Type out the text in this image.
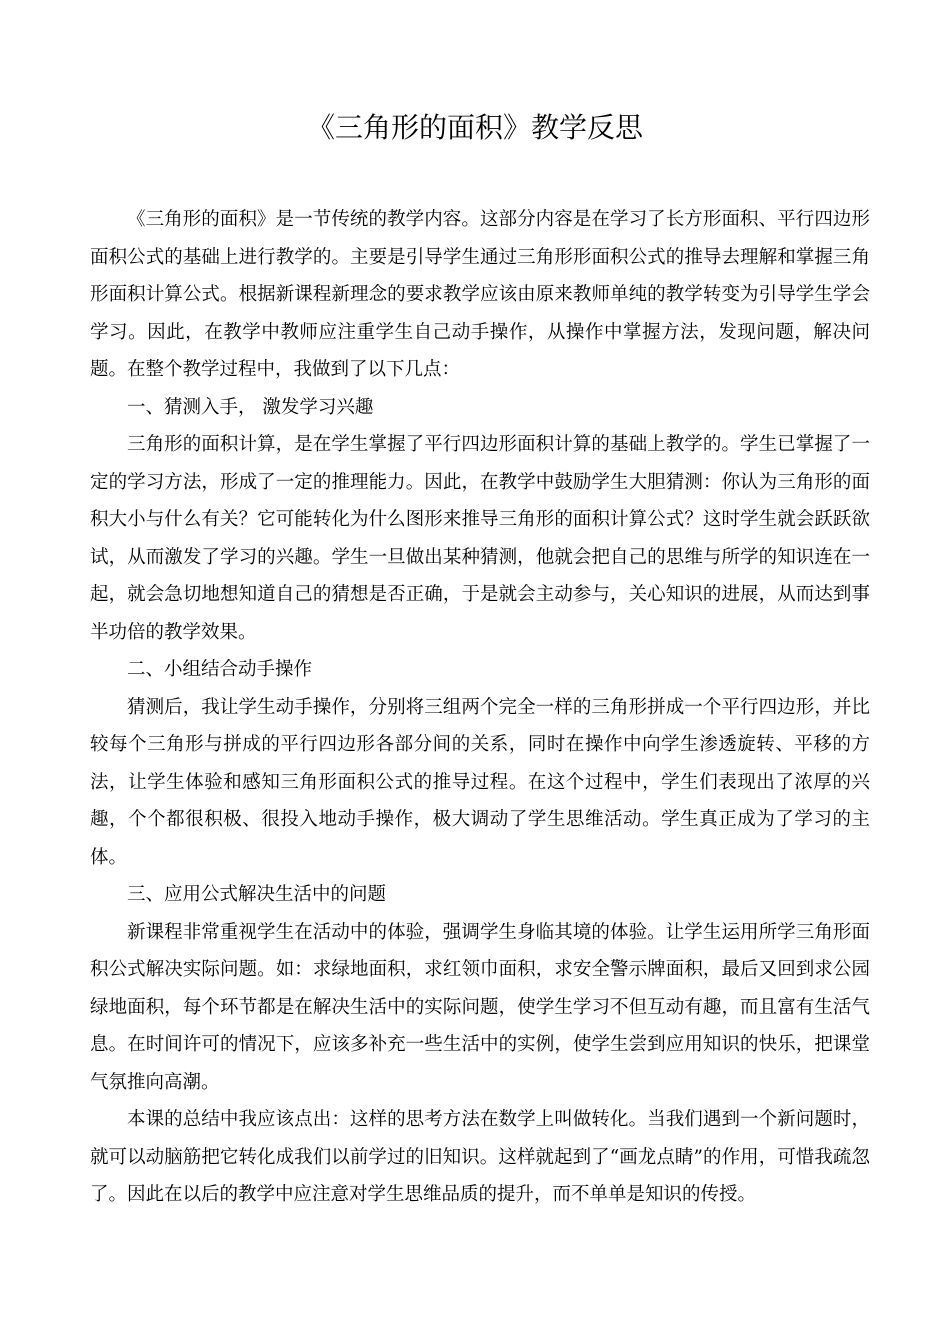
《三角形的面积》教学反思

《三角形的面积》是一节传统的教学内容。这部分内容是在学习了长方形面积、平行四边形面积公式的基础上进行教学的。主要是引导学生通过三角形形面积公式的推导去理解和掌握三角形面积计算公式。根据新课程新理念的要求教学应该由原来教师单纯的教学转变为引导学生学会学习。因此，在教学中教师应注重学生自己动手操作，从操作中掌握方法，发现问题，解决问题。在整个教学过程中，我做到了以下几点：

一、猜测入手， 激发学习兴趣

三角形的面积计算，是在学生掌握了平行四边形面积计算的基础上教学的。学生已掌握了一定的学习方法，形成了一定的推理能力。因此，在教学中鼓励学生大胆猜测：你认为三角形的面积大小与什么有关？它可能转化为什么图形来推导三角形的面积计算公式？这时学生就会跃跃欲试，从而激发了学习的兴趣。学生一旦做出某种猜测，他就会把自己的思维与所学的知识连在一起，就会急切地想知道自己的猜想是否正确，于是就会主动参与，关心知识的进展，从而达到事半功倍的教学效果。

二、小组结合动手操作

猜测后，我让学生动手操作，分别将三组两个完全一样的三角形拼成一个平行四边形，并比较每个三角形与拼成的平行四边形各部分间的关系，同时在操作中向学生渗透旋转、平移的方法，让学生体验和感知三角形面积公式的推导过程。在这个过程中，学生们表现出了浓厚的兴趣，个个都很积极、很投入地动手操作，极大调动了学生思维活动。学生真正成为了学习的主体。

三、应用公式解决生活中的问题

新课程非常重视学生在活动中的体验，强调学生身临其境的体验。让学生运用所学三角形面积公式解决实际问题。如：求绿地面积，求红领巾面积，求安全警示牌面积，最后又回到求公园绿地面积，每个环节都是在解决生活中的实际问题，使学生学习不但互动有趣，而且富有生活气息。在时间许可的情况下，应该多补充一些生活中的实例，使学生尝到应用知识的快乐，把课堂气氛推向高潮。

本课的总结中我应该点出：这样的思考方法在数学上叫做转化。当我们遇到一个新问题时，就可以动脑筋把它转化成我们以前学过的旧知识。这样就起到了“画龙点睛”的作用，可惜我疏忽了。因此在以后的教学中应注意对学生思维品质的提升，而不单单是知识的传授。
